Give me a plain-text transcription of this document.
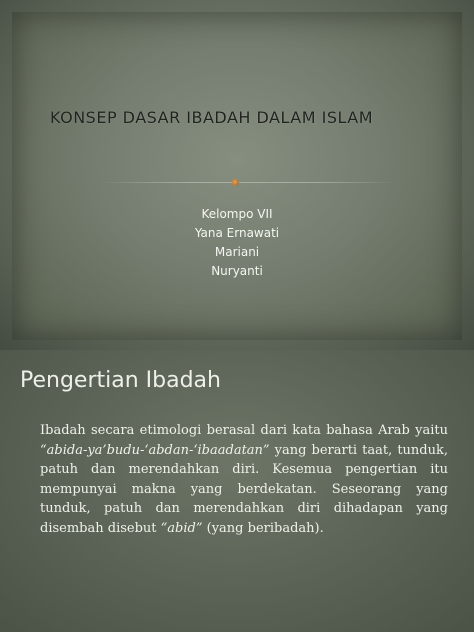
KONSEP DASAR IBADAH DALAM ISLAM
Kelompo VII
Yana Ernawati
Mariani
Nuryanti
Pengertian Ibadah

Ibadah secara etimologi berasal dari kata bahasa Arab yaitu “abida-ya’budu-‘abdan-‘ibaadatan” yang berarti taat, tunduk, patuh dan merendahkan diri. Kesemua pengertian itu mempunyai makna yang berdekatan. Seseorang yang tunduk, patuh dan merendahkan diri dihadapan yang disembah disebut “abid” (yang beribadah).
